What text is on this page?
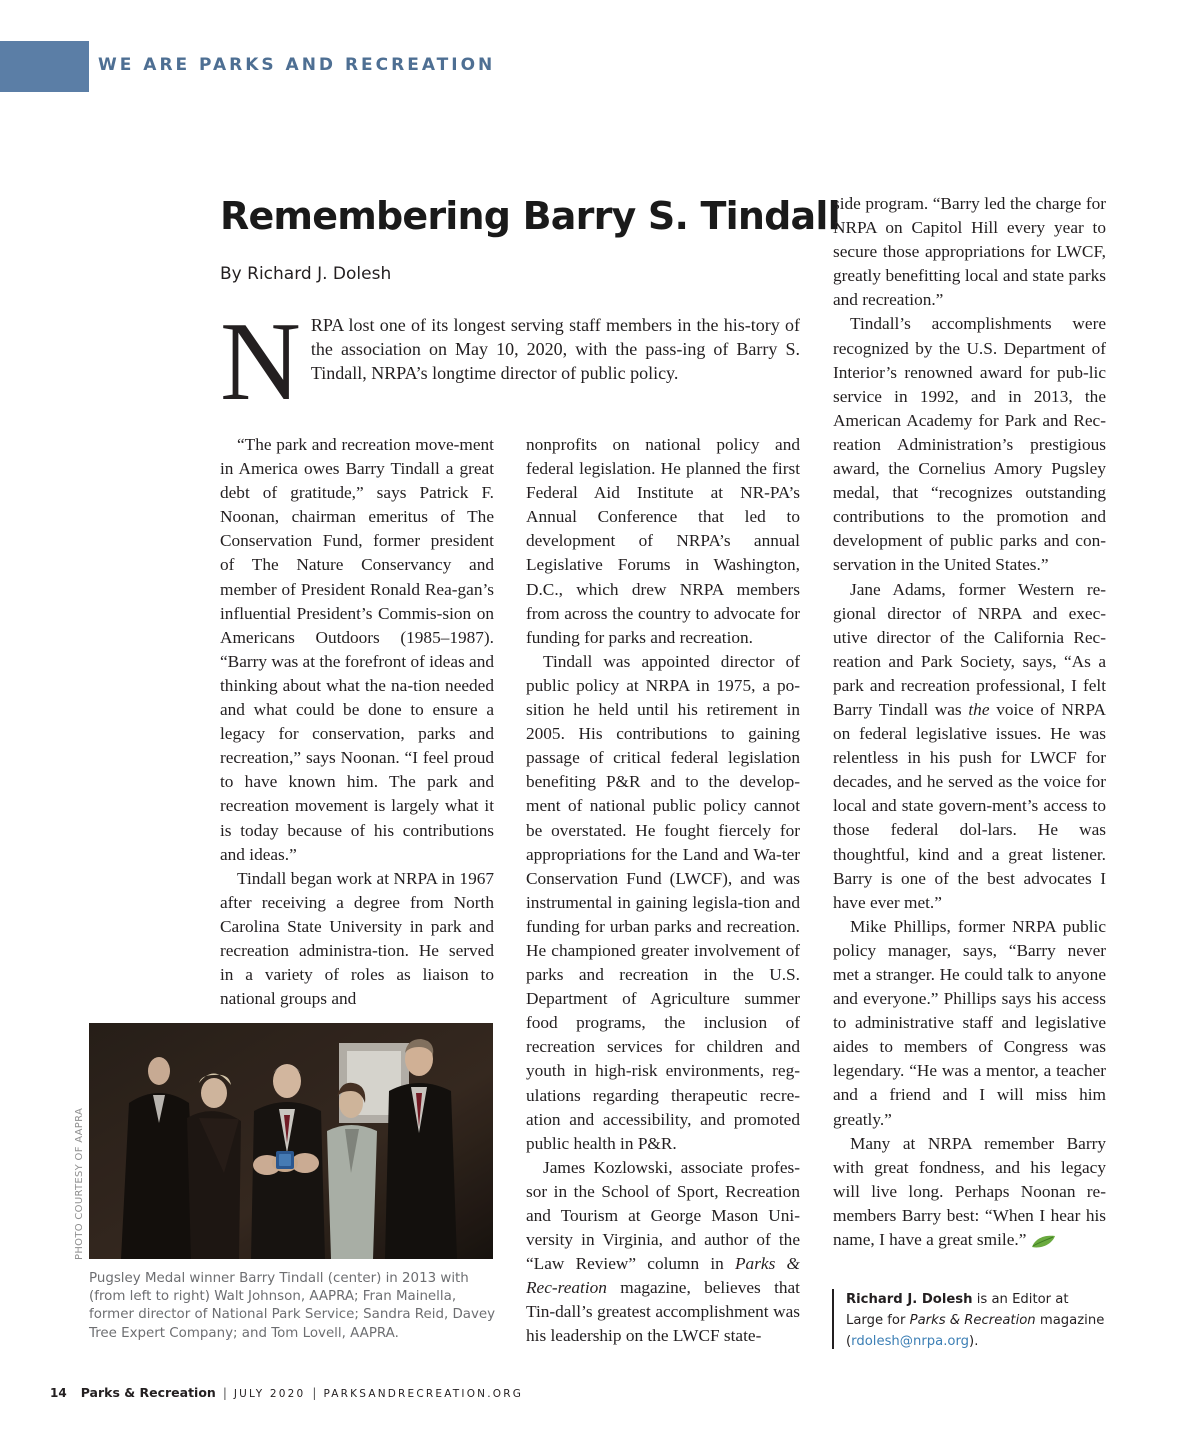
WE ARE PARKS AND RECREATION
Remembering Barry S. Tindall
By Richard J. Dolesh

NRPA lost one of its longest serving staff members in the his-tory of the association on May 10, 2020, with the pass-ing of Barry S. Tindall, NRPA’s longtime director of public policy.

“The park and recreation move-ment in America owes Barry Tindall a great debt of gratitude,” says Patrick F. Noonan, chairman emeritus of The Conservation Fund, former president of The Nature Conservancy and member of President Ronald Rea-gan’s influential President’s Commis-sion on Americans Outdoors (1985–1987). “Barry was at the forefront of ideas and thinking about what the na-tion needed and what could be done to ensure a legacy for conservation, parks and recreation,” says Noonan. “I feel proud to have known him. The park and recreation movement is largely what it is today because of his contributions and ideas.”

Tindall began work at NRPA in 1967 after receiving a degree from North Carolina State University in park and recreation administra-tion. He served in a variety of roles as liaison to national groups and

nonprofits on national policy and federal legislation. He planned the first Federal Aid Institute at NR-PA’s Annual Conference that led to development of NRPA’s annual Legislative Forums in Washington, D.C., which drew NRPA members from across the country to advocate for funding for parks and recreation.

Tindall was appointed director of public policy at NRPA in 1975, a po-sition he held until his retirement in 2005. His contributions to gaining passage of critical federal legislation benefiting P&R and to the develop-ment of national public policy cannot be overstated. He fought fiercely for appropriations for the Land and Wa-ter Conservation Fund (LWCF), and was instrumental in gaining legisla-tion and funding for urban parks and recreation. He championed greater involvement of parks and recreation in the U.S. Department of Agriculture summer food programs, the inclusion of recreation services for children and youth in high-risk environments, reg-ulations regarding therapeutic recre-ation and accessibility, and promoted public health in P&R.

James Kozlowski, associate profes-sor in the School of Sport, Recreation and Tourism at George Mason Uni-versity in Virginia, and author of the “Law Review” column in Parks & Rec-reation magazine, believes that Tin-dall’s greatest accomplishment was his leadership on the LWCF state-

side program. “Barry led the charge for NRPA on Capitol Hill every year to secure those appropriations for LWCF, greatly benefitting local and state parks and recreation.”

Tindall’s accomplishments were recognized by the U.S. Department of Interior’s renowned award for pub-lic service in 1992, and in 2013, the American Academy for Park and Rec-reation Administration’s prestigious award, the Cornelius Amory Pugsley medal, that “recognizes outstanding contributions to the promotion and development of public parks and con-servation in the United States.”

Jane Adams, former Western re-gional director of NRPA and exec-utive director of the California Rec-reation and Park Society, says, “As a park and recreation professional, I felt Barry Tindall was the voice of NRPA on federal legislative issues. He was relentless in his push for LWCF for decades, and he served as the voice for local and state govern-ment’s access to those federal dol-lars. He was thoughtful, kind and a great listener. Barry is one of the best advocates I have ever met.”

Mike Phillips, former NRPA public policy manager, says, “Barry never met a stranger. He could talk to anyone and everyone.” Phillips says his access to administrative staff and legislative aides to members of Congress was legendary. “He was a mentor, a teacher and a friend and I will miss him greatly.”

Many at NRPA remember Barry with great fondness, and his legacy will live long. Perhaps Noonan re-members Barry best: “When I hear his name, I have a great smile.”

PHOTO COURTESY OF AAPRA
Pugsley Medal winner Barry Tindall (center) in 2013 with (from left to right) Walt Johnson, AAPRA; Fran Mainella, former director of National Park Service; Sandra Reid, Davey Tree Expert Company; and Tom Lovell, AAPRA.
Richard J. Dolesh is an Editor at Large for Parks & Recreation magazine (rdolesh@nrpa.org).
14 Parks & Recreation | JULY 2020 | PARKSANDRECREATION.ORG
